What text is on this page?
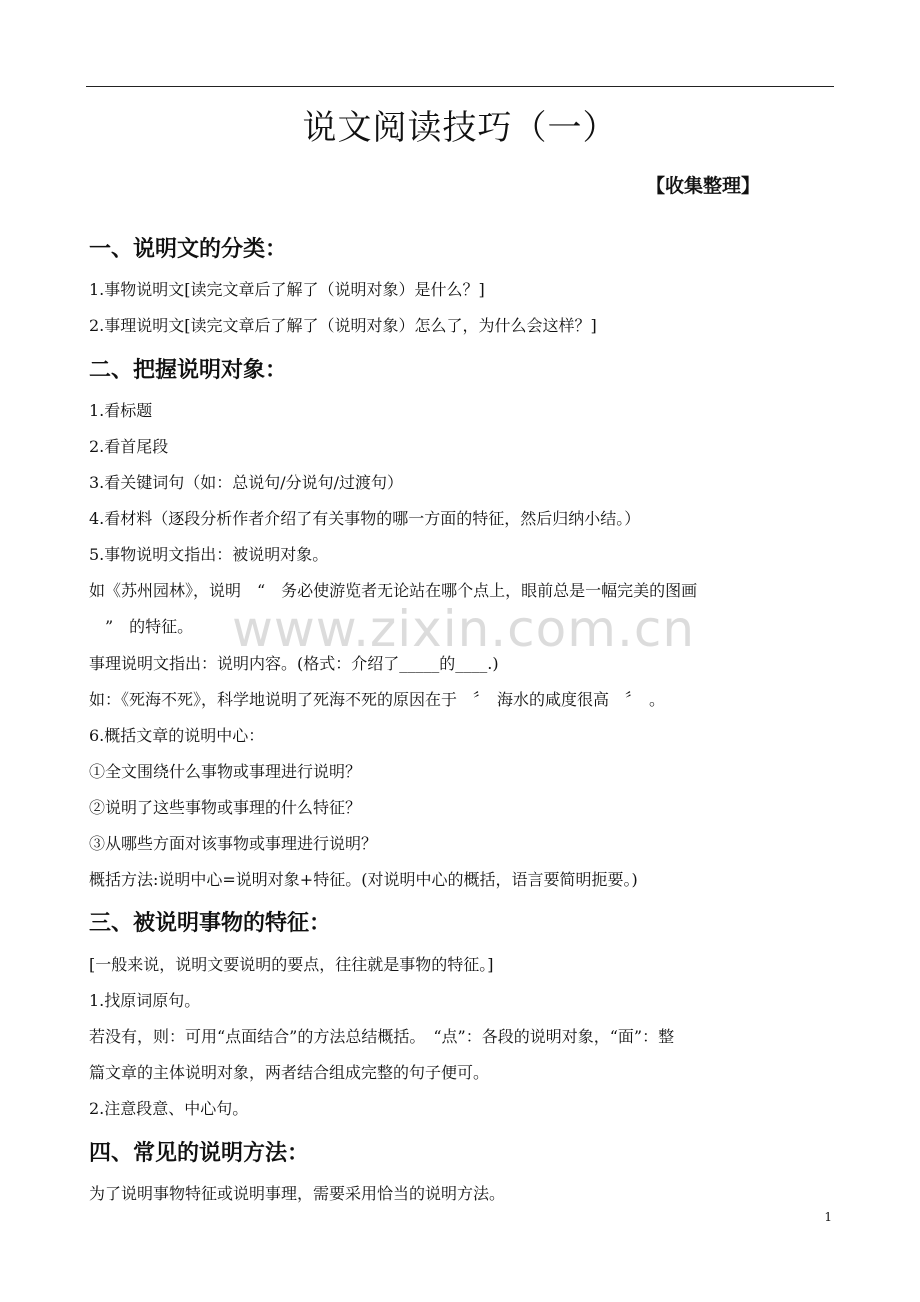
说文阅读技巧（一）
【收集整理】
一、说明文的分类：
1.事物说明文[读完文章后了解了（说明对象）是什么？]
2.事理说明文[读完文章后了解了（说明对象）怎么了，为什么会这样？]
二、把握说明对象：
1.看标题
2.看首尾段
3.看关键词句（如：总说句/分说句/过渡句）
4.看材料（逐段分析作者介绍了有关事物的哪一方面的特征，然后归纳小结。）
5.事物说明文指出：被说明对象。
如《苏州园林》，说明　“　务必使游览者无论站在哪个点上，眼前总是一幅完美的图画
　”　的特征。
事理说明文指出：说明内容。(格式：介绍了_____的____.)
如：《死海不死》，科学地说明了死海不死的原因在于　〞　海水的咸度很高　〞　。
6.概括文章的说明中心：
①全文围绕什么事物或事理进行说明？
②说明了这些事物或事理的什么特征？
③从哪些方面对该事物或事理进行说明？
概括方法:说明中心=说明对象+特征。(对说明中心的概括，语言要简明扼要。)
三、被说明事物的特征：
[一般来说，说明文要说明的要点，往往就是事物的特征。]
1.找原词原句。
若没有，则：可用“点面结合”的方法总结概括。　“点”：各段的说明对象，“面”：整
篇文章的主体说明对象，两者结合组成完整的句子便可。
2.注意段意、中心句。
四、常见的说明方法：
为了说明事物特征或说明事理，需要采用恰当的说明方法。
www.zixin.com.cn
1
